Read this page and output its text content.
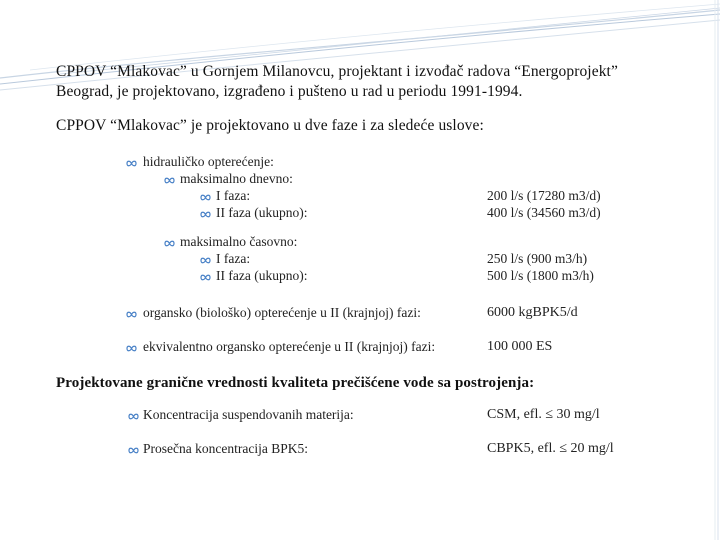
CPPOV “Mlakovac” u Gornjem Milanovcu, projektant i izvođač radova “Energoprojekt”
Beograd, je projektovano, izgrađeno i pušteno u rad u periodu 1991-1994.
CPPOV “Mlakovac” je projektovano u dve faze i za sledeće uslove:
hidrauličko opterećenje:
maksimalno dnevno:
I faza:	200 l/s (17280 m3/d)
II faza (ukupno):	400 l/s (34560 m3/d)
maksimalno časovno:
I faza:	250 l/s (900 m3/h)
II faza (ukupno):	500 l/s (1800 m3/h)
organsko (biološko) opterećenje u II (krajnjoj) fazi:	6000 kgBPK5/d
ekvivalentno organsko opterećenje u II (krajnjoj) fazi:	100 000 ES
Projektovane granične vrednosti kvaliteta prečišćene vode sa postrojenja:
Koncentracija suspendovanih materija:	CSM, efl. ≤ 30 mg/l
Prosečna koncentracija BPK5:	CBPK5, efl. ≤ 20 mg/l
